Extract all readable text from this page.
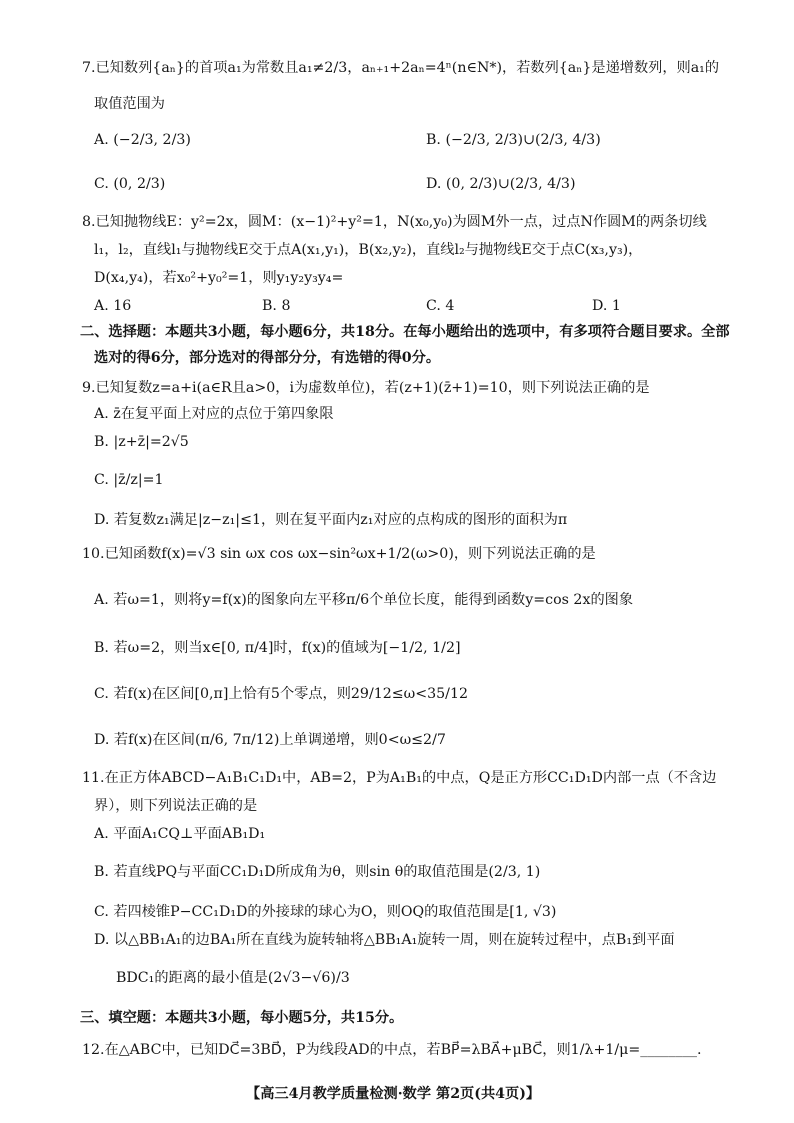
7.已知数列{aₙ}的首项a₁为常数且a₁≠2/3，aₙ₊₁+2aₙ=4ⁿ(n∈N*)，若数列{aₙ}是递增数列，则a₁的
取值范围为
A. (−2/3, 2/3)	B. (−2/3, 2/3)∪(2/3, 4/3)
C. (0, 2/3)	D. (0, 2/3)∪(2/3, 4/3)
8.已知抛物线E：y²=2x，圆M：(x−1)²+y²=1，N(x₀,y₀)为圆M外一点，过点N作圆M的两条切线
l₁，l₂，直线l₁与抛物线E交于点A(x₁,y₁)，B(x₂,y₂)，直线l₂与抛物线E交于点C(x₃,y₃)，
D(x₄,y₄)，若x₀²+y₀²=1，则y₁y₂y₃y₄=
A. 16	B. 8	C. 4	D. 1
二、选择题：本题共3小题，每小题6分，共18分。在每小题给出的选项中，有多项符合题目要求。全部
选对的得6分，部分选对的得部分分，有选错的得0分。
9.已知复数z=a+i(a∈R且a>0，i为虚数单位)，若(z+1)(z̄+1)=10，则下列说法正确的是
A. z̄在复平面上对应的点位于第四象限
B. |z+z̄|=2√5
C. |z̄/z|=1
D. 若复数z₁满足|z−z₁|≤1，则在复平面内z₁对应的点构成的图形的面积为π
10.已知函数f(x)=√3 sin ωx cos ωx−sin²ωx+1/2(ω>0)，则下列说法正确的是
A. 若ω=1，则将y=f(x)的图象向左平移π/6个单位长度，能得到函数y=cos 2x的图象
B. 若ω=2，则当x∈[0, π/4]时，f(x)的值域为[−1/2, 1/2]
C. 若f(x)在区间[0,π]上恰有5个零点，则29/12≤ω<35/12
D. 若f(x)在区间(π/6, 7π/12)上单调递增，则0<ω≤2/7
11.在正方体ABCD−A₁B₁C₁D₁中，AB=2，P为A₁B₁的中点，Q是正方形CC₁D₁D内部一点（不含边
界），则下列说法正确的是
A. 平面A₁CQ⊥平面AB₁D₁
B. 若直线PQ与平面CC₁D₁D所成角为θ，则sin θ的取值范围是(2/3, 1)
C. 若四棱锥P−CC₁D₁D的外接球的球心为O，则OQ的取值范围是[1, √3)
D. 以△BB₁A₁的边BA₁所在直线为旋转轴将△BB₁A₁旋转一周，则在旋转过程中，点B₁到平面
BDC₁的距离的最小值是(2√3−√6)/3
三、填空题：本题共3小题，每小题5分，共15分。
12.在△ABC中，已知DC⃗=3BD⃗，P为线段AD的中点，若BP⃗=λBA⃗+μBC⃗，则1/λ+1/μ=________.
【高三4月教学质量检测·数学 第2页(共4页)】
